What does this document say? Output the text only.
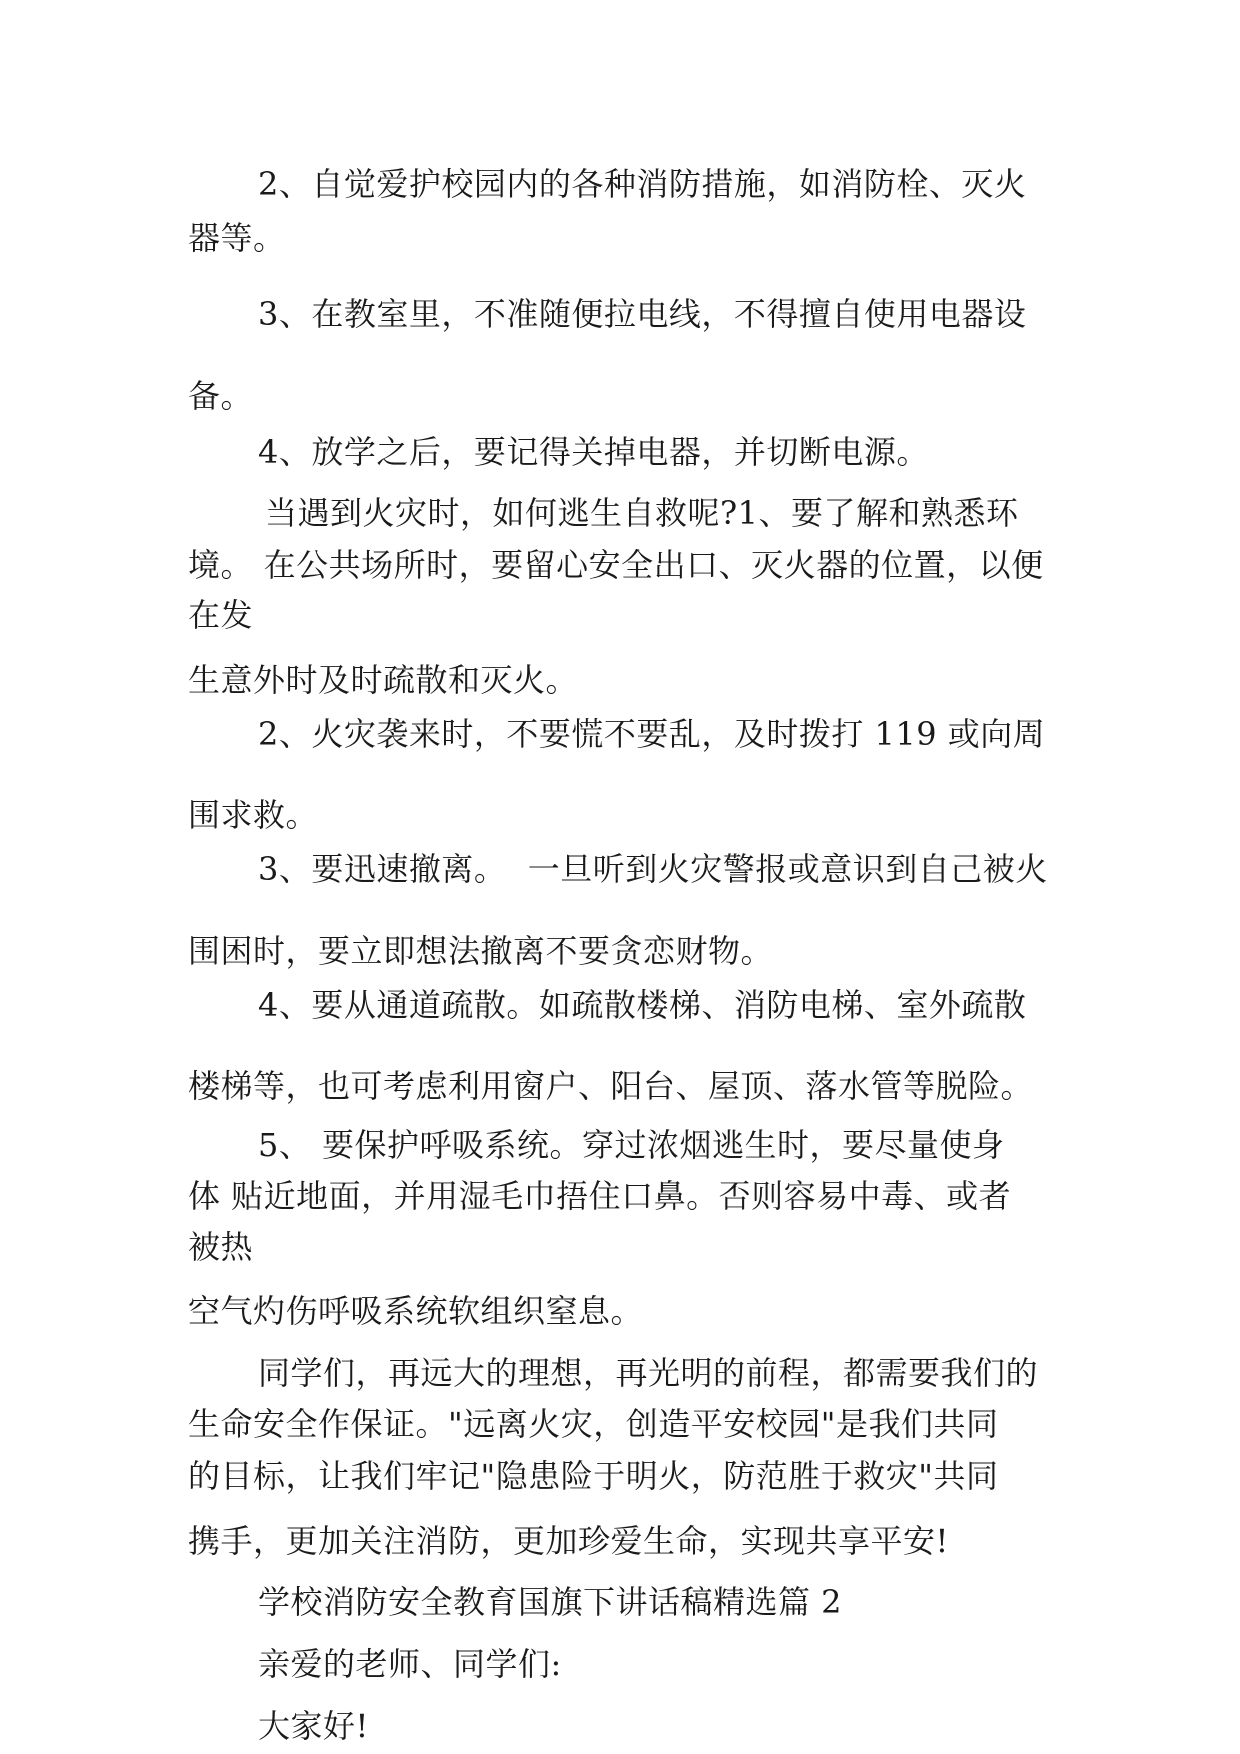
2、自觉爱护校园内的各种消防措施，如消防栓、灭火
器等。
3、在教室里，不准随便拉电线，不得擅自使用电器设
备。
4、放学之后，要记得关掉电器，并切断电源。
当遇到火灾时，如何逃生自救呢?1、要了解和熟悉环
境。 在公共场所时，要留心安全出口、灭火器的位置，以便
在发
生意外时及时疏散和灭火。
2、火灾袭来时，不要慌不要乱，及时拨打 119 或向周
围求救。
3、要迅速撤离。  一旦听到火灾警报或意识到自己被火
围困时，要立即想法撤离不要贪恋财物。
4、要从通道疏散。如疏散楼梯、消防电梯、室外疏散
楼梯等，也可考虑利用窗户、阳台、屋顶、落水管等脱险。
5、 要保护呼吸系统。穿过浓烟逃生时，要尽量使身
体 贴近地面，并用湿毛巾捂住口鼻。否则容易中毒、或者
被热
空气灼伤呼吸系统软组织窒息。
同学们，再远大的理想，再光明的前程，都需要我们的
生命安全作保证。"远离火灾，创造平安校园"是我们共同
的目标，让我们牢记"隐患险于明火，防范胜于救灾"共同
携手，更加关注消防，更加珍爱生命，实现共享平安!
学校消防安全教育国旗下讲话稿精选篇 2
亲爱的老师、同学们:
大家好!
